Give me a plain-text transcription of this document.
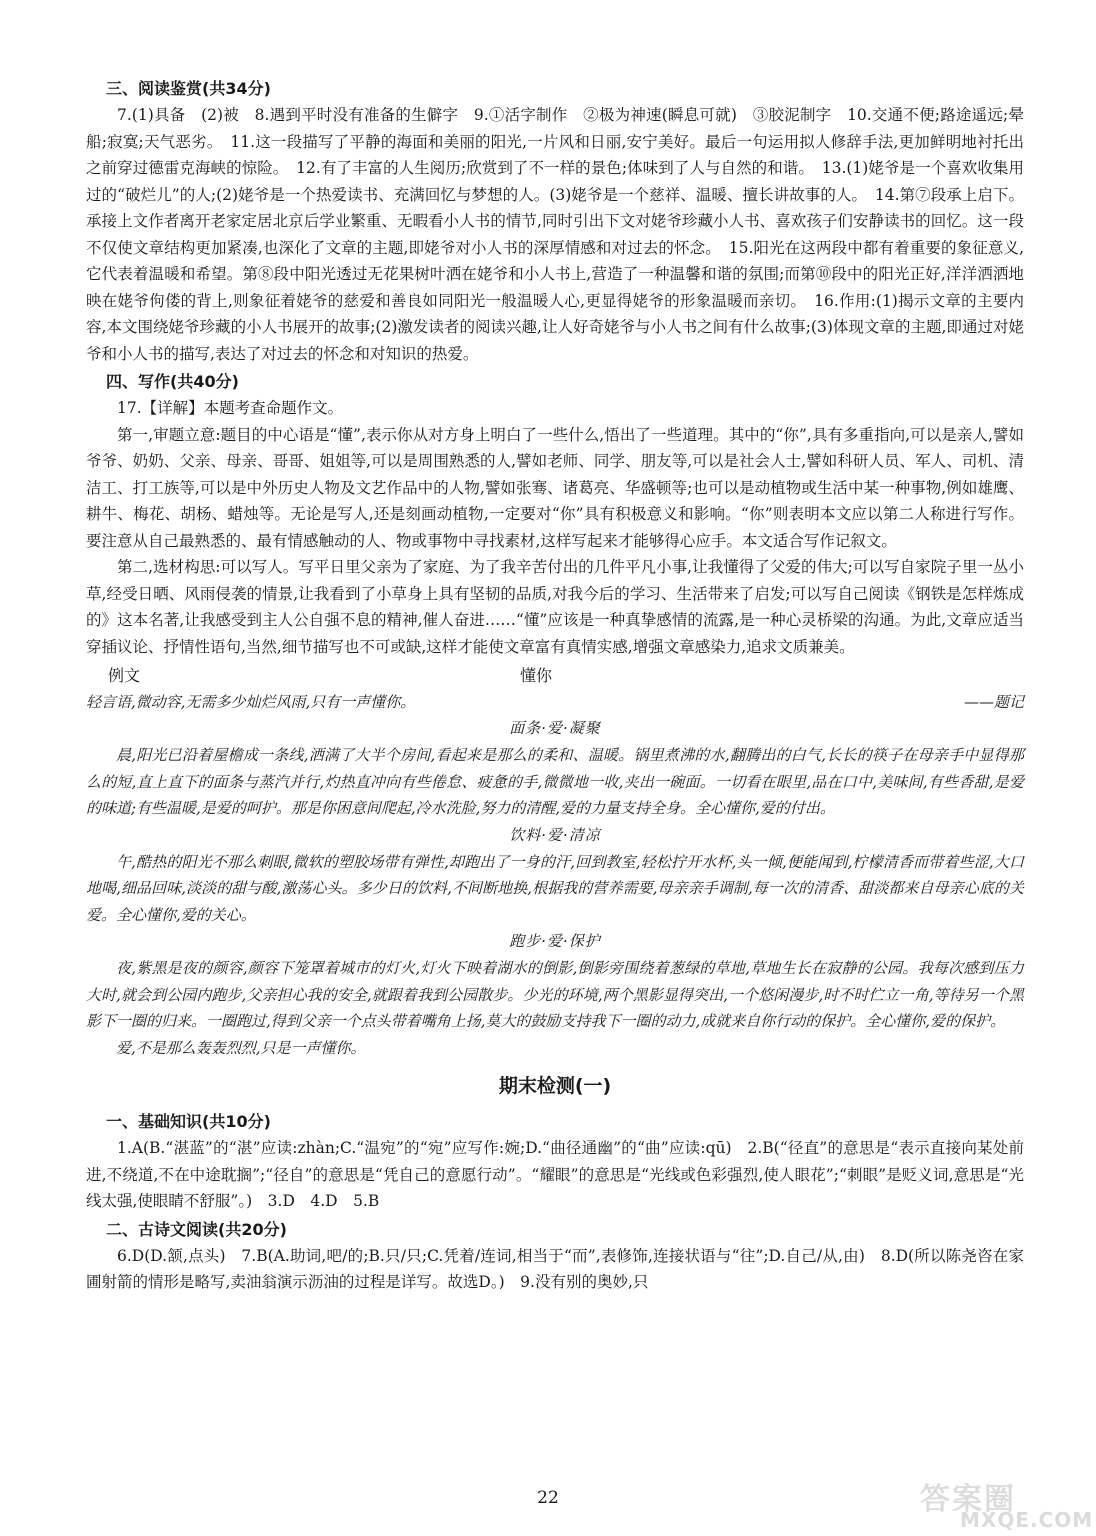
三、阅读鉴赏(共34分)

7.(1)具备　(2)被　8.遇到平时没有准备的生僻字　9.①活字制作　②极为神速(瞬息可就)　③胶泥制字　10.交通不便;路途遥远;晕船;寂寞;天气恶劣。　11.这一段描写了平静的海面和美丽的阳光,一片风和日丽,安宁美好。最后一句运用拟人修辞手法,更加鲜明地衬托出之前穿过德雷克海峡的惊险。　12.有了丰富的人生阅历;欣赏到了不一样的景色;体味到了人与自然的和谐。　13.(1)姥爷是一个喜欢收集用过的“破烂儿”的人;(2)姥爷是一个热爱读书、充满回忆与梦想的人。(3)姥爷是一个慈祥、温暖、擅长讲故事的人。　14.第⑦段承上启下。承接上文作者离开老家定居北京后学业繁重、无暇看小人书的情节,同时引出下文对姥爷珍藏小人书、喜欢孩子们安静读书的回忆。这一段不仅使文章结构更加紧凑,也深化了文章的主题,即姥爷对小人书的深厚情感和对过去的怀念。　15.阳光在这两段中都有着重要的象征意义,它代表着温暖和希望。第⑧段中阳光透过无花果树叶洒在姥爷和小人书上,营造了一种温馨和谐的氛围;而第⑩段中的阳光正好,洋洋洒洒地映在姥爷佝偻的背上,则象征着姥爷的慈爱和善良如同阳光一般温暖人心,更显得姥爷的形象温暖而亲切。　16.作用:(1)揭示文章的主要内容,本文围绕姥爷珍藏的小人书展开的故事;(2)激发读者的阅读兴趣,让人好奇姥爷与小人书之间有什么故事;(3)体现文章的主题,即通过对姥爷和小人书的描写,表达了对过去的怀念和对知识的热爱。

四、写作(共40分)

17.【详解】本题考查命题作文。

第一,审题立意:题目的中心语是“懂”,表示你从对方身上明白了一些什么,悟出了一些道理。其中的“你”,具有多重指向,可以是亲人,譬如爷爷、奶奶、父亲、母亲、哥哥、姐姐等,可以是周围熟悉的人,譬如老师、同学、朋友等,可以是社会人士,譬如科研人员、军人、司机、清洁工、打工族等,可以是中外历史人物及文艺作品中的人物,譬如张骞、诸葛亮、华盛顿等;也可以是动植物或生活中某一种事物,例如雄鹰、耕牛、梅花、胡杨、蜡烛等。无论是写人,还是刻画动植物,一定要对“你”具有积极意义和影响。“你”则表明本文应以第二人称进行写作。要注意从自己最熟悉的、最有情感触动的人、物或事物中寻找素材,这样写起来才能够得心应手。本文适合写作记叙文。

第二,选材构思:可以写人。写平日里父亲为了家庭、为了我辛苦付出的几件平凡小事,让我懂得了父爱的伟大;可以写自家院子里一丛小草,经受日晒、风雨侵袭的情景,让我看到了小草身上具有坚韧的品质,对我今后的学习、生活带来了启发;可以写自己阅读《钢铁是怎样炼成的》这本名著,让我感受到主人公自强不息的精神,催人奋进……“懂”应该是一种真挚感情的流露,是一种心灵桥梁的沟通。为此,文章应适当穿插议论、抒情性语句,当然,细节描写也不可或缺,这样才能使文章富有真情实感,增强文章感染力,追求文质兼美。

例文	懂你
轻言语,微动容,无需多少灿烂风雨,只有一声懂你。	——题记
面条·爱·凝聚

晨,阳光已沿着屋檐成一条线,洒满了大半个房间,看起来是那么的柔和、温暖。锅里煮沸的水,翻腾出的白气,长长的筷子在母亲手中显得那么的短,直上直下的面条与蒸汽并行,灼热直冲向有些倦怠、疲惫的手,微微地一收,夹出一碗面。一切看在眼里,品在口中,美味间,有些香甜,是爱的味道;有些温暖,是爱的呵护。那是你困意间爬起,冷水洗脸,努力的清醒,爱的力量支持全身。全心懂你,爱的付出。

饮料·爱·清凉

午,酷热的阳光不那么刺眼,微软的塑胶场带有弹性,却跑出了一身的汗,回到教室,轻松拧开水杯,头一倾,便能闻到,柠檬清香而带着些涩,大口地喝,细品回味,淡淡的甜与酸,激荡心头。多少日的饮料,不间断地换,根据我的营养需要,母亲亲手调制,每一次的清香、甜淡都来自母亲心底的关爱。全心懂你,爱的关心。

跑步·爱·保护

夜,紫黑是夜的颜容,颜容下笼罩着城市的灯火,灯火下映着湖水的倒影,倒影旁围绕着葱绿的草地,草地生长在寂静的公园。我每次感到压力大时,就会到公园内跑步,父亲担心我的安全,就跟着我到公园散步。少光的环境,两个黑影显得突出,一个悠闲漫步,时不时伫立一角,等待另一个黑影下一圈的归来。一圈跑过,得到父亲一个点头带着嘴角上扬,莫大的鼓励支持我下一圈的动力,成就来自你行动的保护。全心懂你,爱的保护。

爱,不是那么轰轰烈烈,只是一声懂你。

期末检测(一)
一、基础知识(共10分)

1.A(B.“湛蓝”的“湛”应读:zhàn;C.“温宛”的“宛”应写作:婉;D.“曲径通幽”的“曲”应读:qū)　2.B(“径直”的意思是“表示直接向某处前进,不绕道,不在中途耽搁”;“径自”的意思是“凭自己的意愿行动”。“耀眼”的意思是“光线或色彩强烈,使人眼花”;“刺眼”是贬义词,意思是“光线太强,使眼睛不舒服”。)　3.D　4.D　5.B

二、古诗文阅读(共20分)

6.D(D.颔,点头)　7.B(A.助词,吧/的;B.只/只;C.凭着/连词,相当于“而”,表修饰,连接状语与“往”;D.自己/从,由)　8.D(所以陈尧咨在家圃射箭的情形是略写,卖油翁演示沥油的过程是详写。故选D。)　9.没有别的奥妙,只

22	答案圈
MXQE.COM
